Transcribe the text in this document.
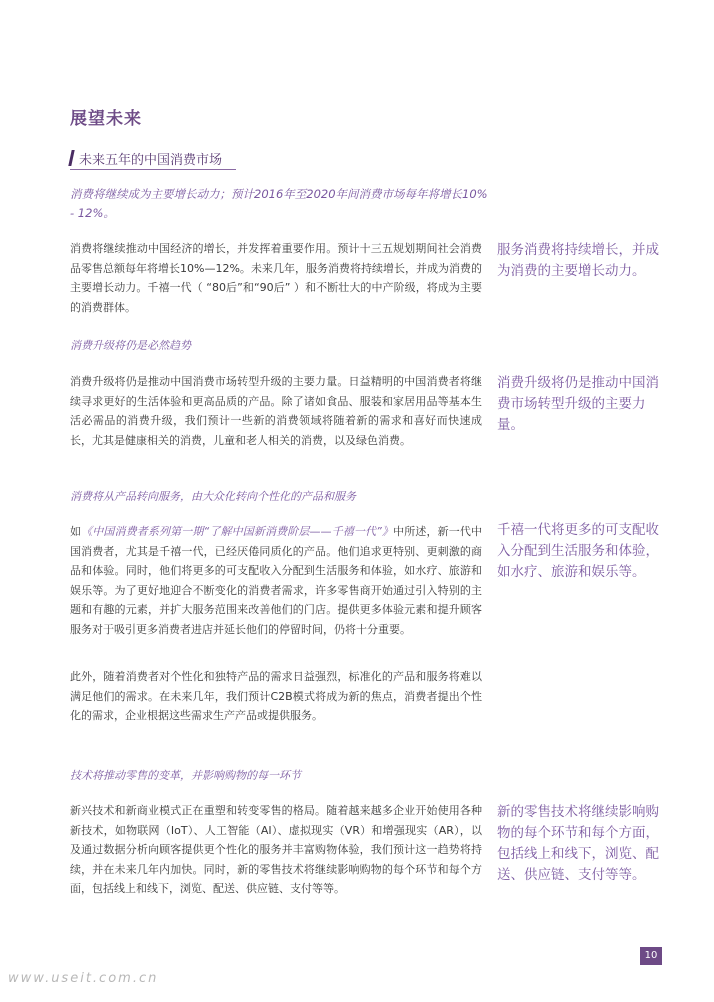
展望未来
未来五年的中国消费市场
消费将继续成为主要增长动力；预计2016年至2020年间消费市场每年将增长10% - 12%。
消费将继续推动中国经济的增长，并发挥着重要作用。预计十三五规划期间社会消费品零售总额每年将增长10%—12%。未来几年，服务消费将持续增长，并成为消费的主要增长动力。千禧一代（ “80后”和“90后” ）和不断壮大的中产阶级，将成为主要的消费群体。
服务消费将持续增长，并成为消费的主要增长动力。
消费升级将仍是必然趋势
消费升级将仍是推动中国消费市场转型升级的主要力量。日益精明的中国消费者将继续寻求更好的生活体验和更高品质的产品。除了诸如食品、服装和家居用品等基本生活必需品的消费升级，我们预计一些新的消费领域将随着新的需求和喜好而快速成长，尤其是健康相关的消费，儿童和老人相关的消费，以及绿色消费。
消费升级将仍是推动中国消费市场转型升级的主要力量。
消费将从产品转向服务，由大众化转向个性化的产品和服务
如《中国消费者系列第一期“了解中国新消费阶层——千禧一代”》中所述，新一代中国消费者，尤其是千禧一代，已经厌倦同质化的产品。他们追求更特别、更刺激的商品和体验。同时，他们将更多的可支配收入分配到生活服务和体验，如水疗、旅游和娱乐等。为了更好地迎合不断变化的消费者需求，许多零售商开始通过引入特别的主题和有趣的元素，并扩大服务范围来改善他们的门店。提供更多体验元素和提升顾客服务对于吸引更多消费者进店并延长他们的停留时间，仍将十分重要。
千禧一代将更多的可支配收入分配到生活服务和体验，如水疗、旅游和娱乐等。
此外，随着消费者对个性化和独特产品的需求日益强烈，标准化的产品和服务将难以满足他们的需求。在未来几年，我们预计C2B模式将成为新的焦点，消费者提出个性化的需求，企业根据这些需求生产产品或提供服务。
技术将推动零售的变革，并影响购物的每一环节
新兴技术和新商业模式正在重塑和转变零售的格局。随着越来越多企业开始使用各种新技术，如物联网（IoT）、人工智能（AI）、虚拟现实（VR）和增强现实（AR），以及通过数据分析向顾客提供更个性化的服务并丰富购物体验，我们预计这一趋势将持续，并在未来几年内加快。同时，新的零售技术将继续影响购物的每个环节和每个方面，包括线上和线下，浏览、配送、供应链、支付等等。
新的零售技术将继续影响购物的每个环节和每个方面，包括线上和线下，浏览、配送、供应链、支付等等。
10
www.useit.com.cn
